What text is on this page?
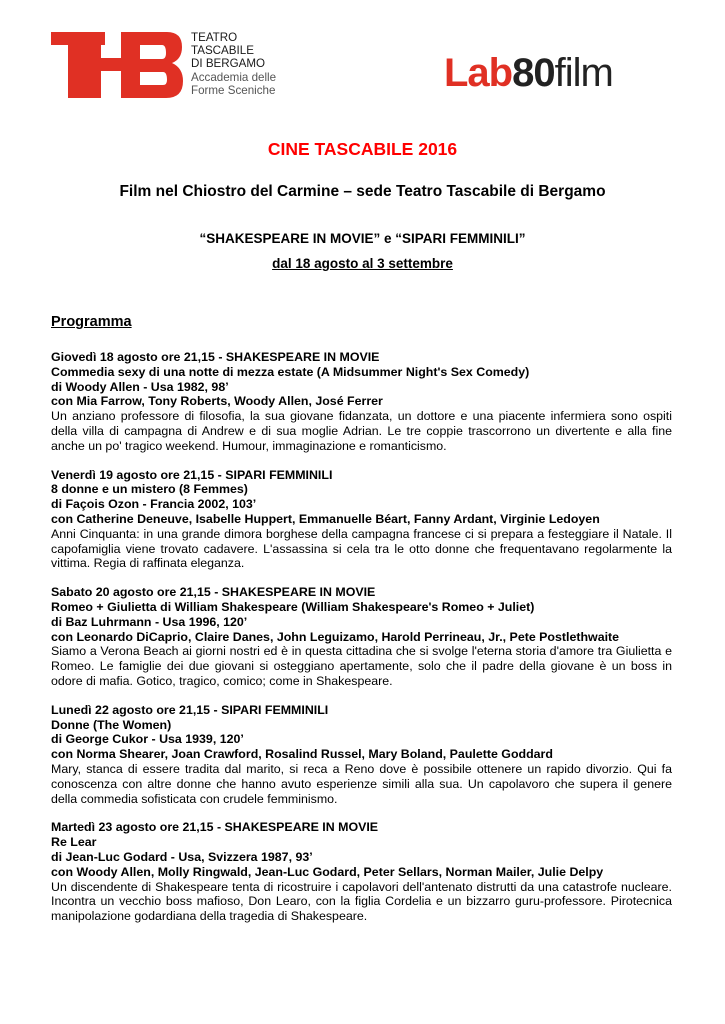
TEATRO
TASCABILE
DI BERGAMO
Accademia delle
Forme Sceniche	Lab80film
CINE TASCABILE 2016
Film nel Chiostro del Carmine – sede Teatro Tascabile di Bergamo
“SHAKESPEARE IN MOVIE” e “SIPARI FEMMINILI”
dal 18 agosto al 3 settembre
Programma
Giovedì 18 agosto ore 21,15 - SHAKESPEARE IN MOVIE
Commedia sexy di una notte di mezza estate (A Midsummer Night's Sex Comedy)
di Woody Allen - Usa 1982, 98’
con Mia Farrow, Tony Roberts, Woody Allen, José Ferrer
Un anziano professore di filosofia, la sua giovane fidanzata, un dottore e una piacente infermiera sono ospiti della villa di campagna di Andrew e di sua moglie Adrian. Le tre coppie trascorrono un divertente e alla fine anche un po' tragico weekend. Humour, immaginazione e romanticismo.
Venerdì 19 agosto ore 21,15 - SIPARI FEMMINILI
8 donne e un mistero (8 Femmes)
di Façois Ozon - Francia 2002, 103’
con Catherine Deneuve, Isabelle Huppert, Emmanuelle Béart, Fanny Ardant, Virginie Ledoyen
Anni Cinquanta: in una grande dimora borghese della campagna francese ci si prepara a festeggiare il Natale. Il capofamiglia viene trovato cadavere. L'assassina si cela tra le otto donne che frequentavano regolarmente la vittima. Regia di raffinata eleganza.
Sabato 20 agosto ore 21,15 - SHAKESPEARE IN MOVIE
Romeo + Giulietta di William Shakespeare (William Shakespeare's Romeo + Juliet)
di Baz Luhrmann - Usa 1996, 120’
con Leonardo DiCaprio, Claire Danes, John Leguizamo, Harold Perrineau, Jr., Pete Postlethwaite
Siamo a Verona Beach ai giorni nostri ed è in questa cittadina che si svolge l'eterna storia d'amore tra Giulietta e Romeo. Le famiglie dei due giovani si osteggiano apertamente, solo che il padre della giovane è un boss in odore di mafia. Gotico, tragico, comico; come in Shakespeare.
Lunedì 22 agosto ore 21,15 - SIPARI FEMMINILI
Donne (The Women)
di George Cukor - Usa 1939, 120’
con Norma Shearer, Joan Crawford, Rosalind Russel, Mary Boland, Paulette Goddard
Mary, stanca di essere tradita dal marito, si reca a Reno dove è possibile ottenere un rapido divorzio. Qui fa conoscenza con altre donne che hanno avuto esperienze simili alla sua. Un capolavoro che supera il genere della commedia sofisticata con crudele femminismo.
Martedì 23 agosto ore 21,15 - SHAKESPEARE IN MOVIE
Re Lear
di Jean-Luc Godard - Usa, Svizzera 1987, 93’
con Woody Allen, Molly Ringwald, Jean-Luc Godard, Peter Sellars, Norman Mailer, Julie Delpy
Un discendente di Shakespeare tenta di ricostruire i capolavori dell'antenato distrutti da una catastrofe nucleare. Incontra un vecchio boss mafioso, Don Learo, con la figlia Cordelia e un bizzarro guru-professore. Pirotecnica manipolazione godardiana della tragedia di Shakespeare.
